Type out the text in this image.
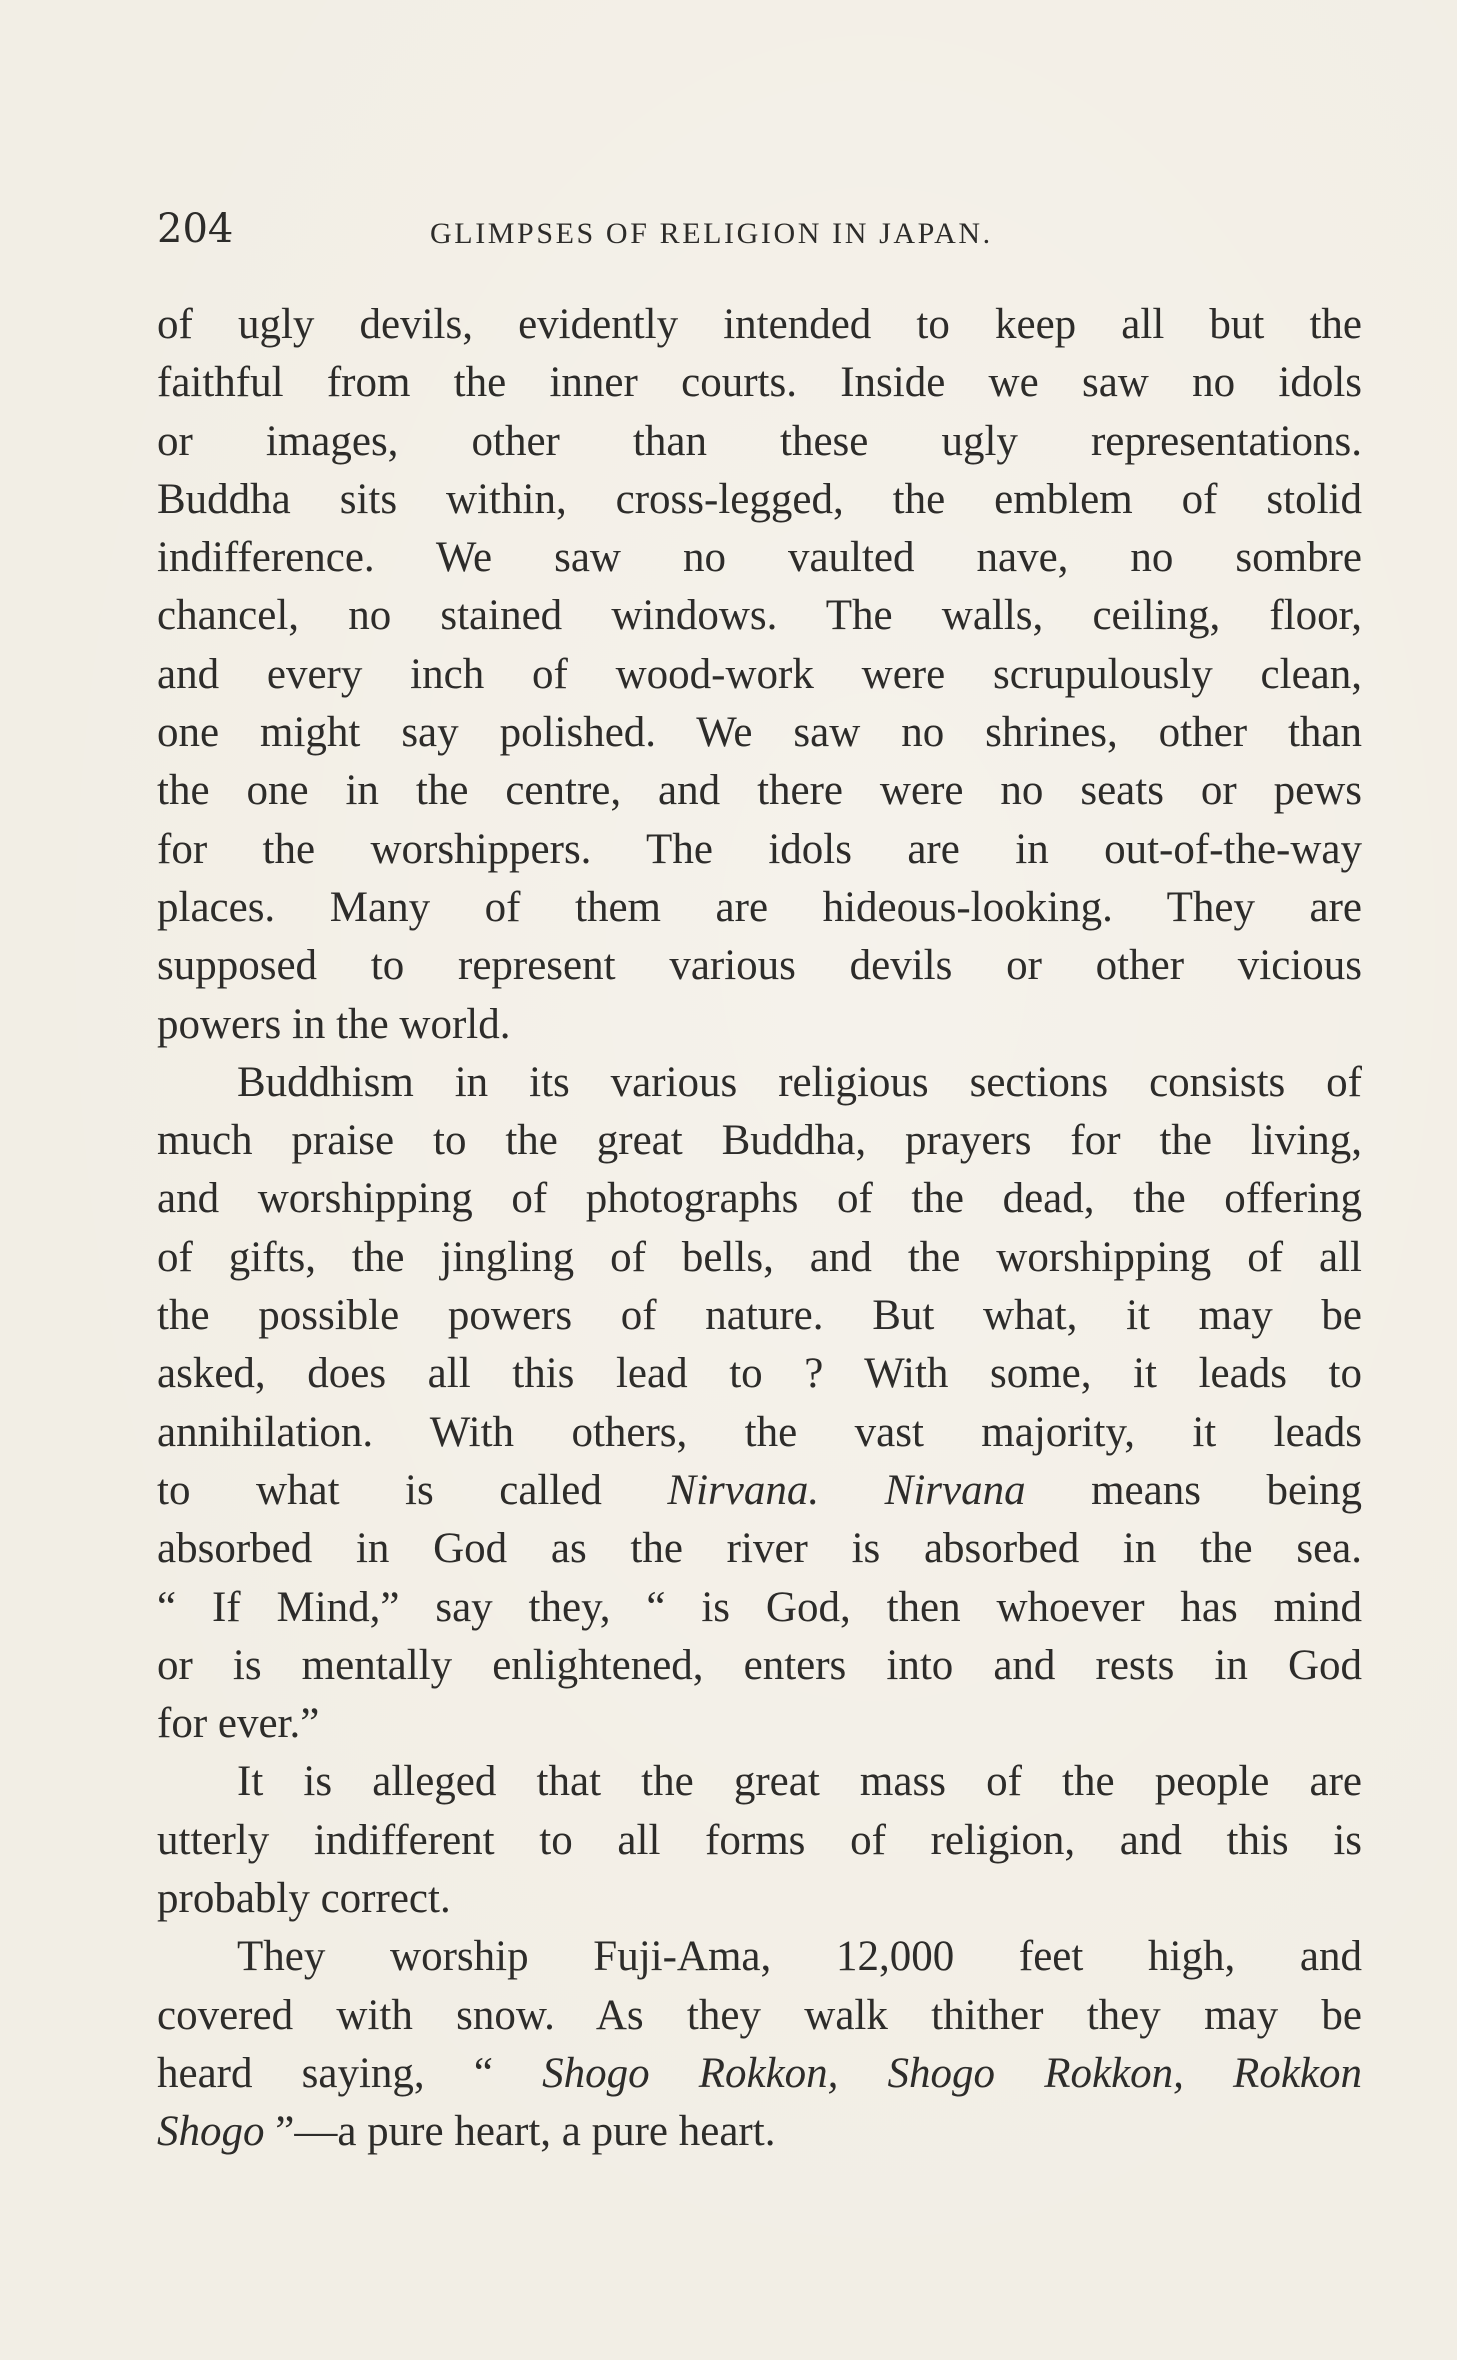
204	GLIMPSES OF RELIGION IN JAPAN.
of ugly devils, evidently intended to keep all but the
faithful from the inner courts. Inside we saw no idols
or images, other than these ugly representations.
Buddha sits within, cross-legged, the emblem of stolid
indifference. We saw no vaulted nave, no sombre
chancel, no stained windows. The walls, ceiling, floor,
and every inch of wood-work were scrupulously clean,
one might say polished. We saw no shrines, other than
the one in the centre, and there were no seats or pews
for the worshippers. The idols are in out-of-the-way
places. Many of them are hideous-looking. They are
supposed to represent various devils or other vicious
powers in the world.
Buddhism in its various religious sections consists of
much praise to the great Buddha, prayers for the living,
and worshipping of photographs of the dead, the offering
of gifts, the jingling of bells, and the worshipping of all
the possible powers of nature. But what, it may be
asked, does all this lead to ? With some, it leads to
annihilation. With others, the vast majority, it leads
to what is called Nirvana. Nirvana means being
absorbed in God as the river is absorbed in the sea.
“ If Mind,” say they, “ is God, then whoever has mind
or is mentally enlightened, enters into and rests in God
for ever.”
It is alleged that the great mass of the people are
utterly indifferent to all forms of religion, and this is
probably correct.
They worship Fuji-Ama, 12,000 feet high, and
covered with snow. As they walk thither they may be
heard saying, “ Shogo Rokkon, Shogo Rokkon, Rokkon
Shogo ”—a pure heart, a pure heart.
